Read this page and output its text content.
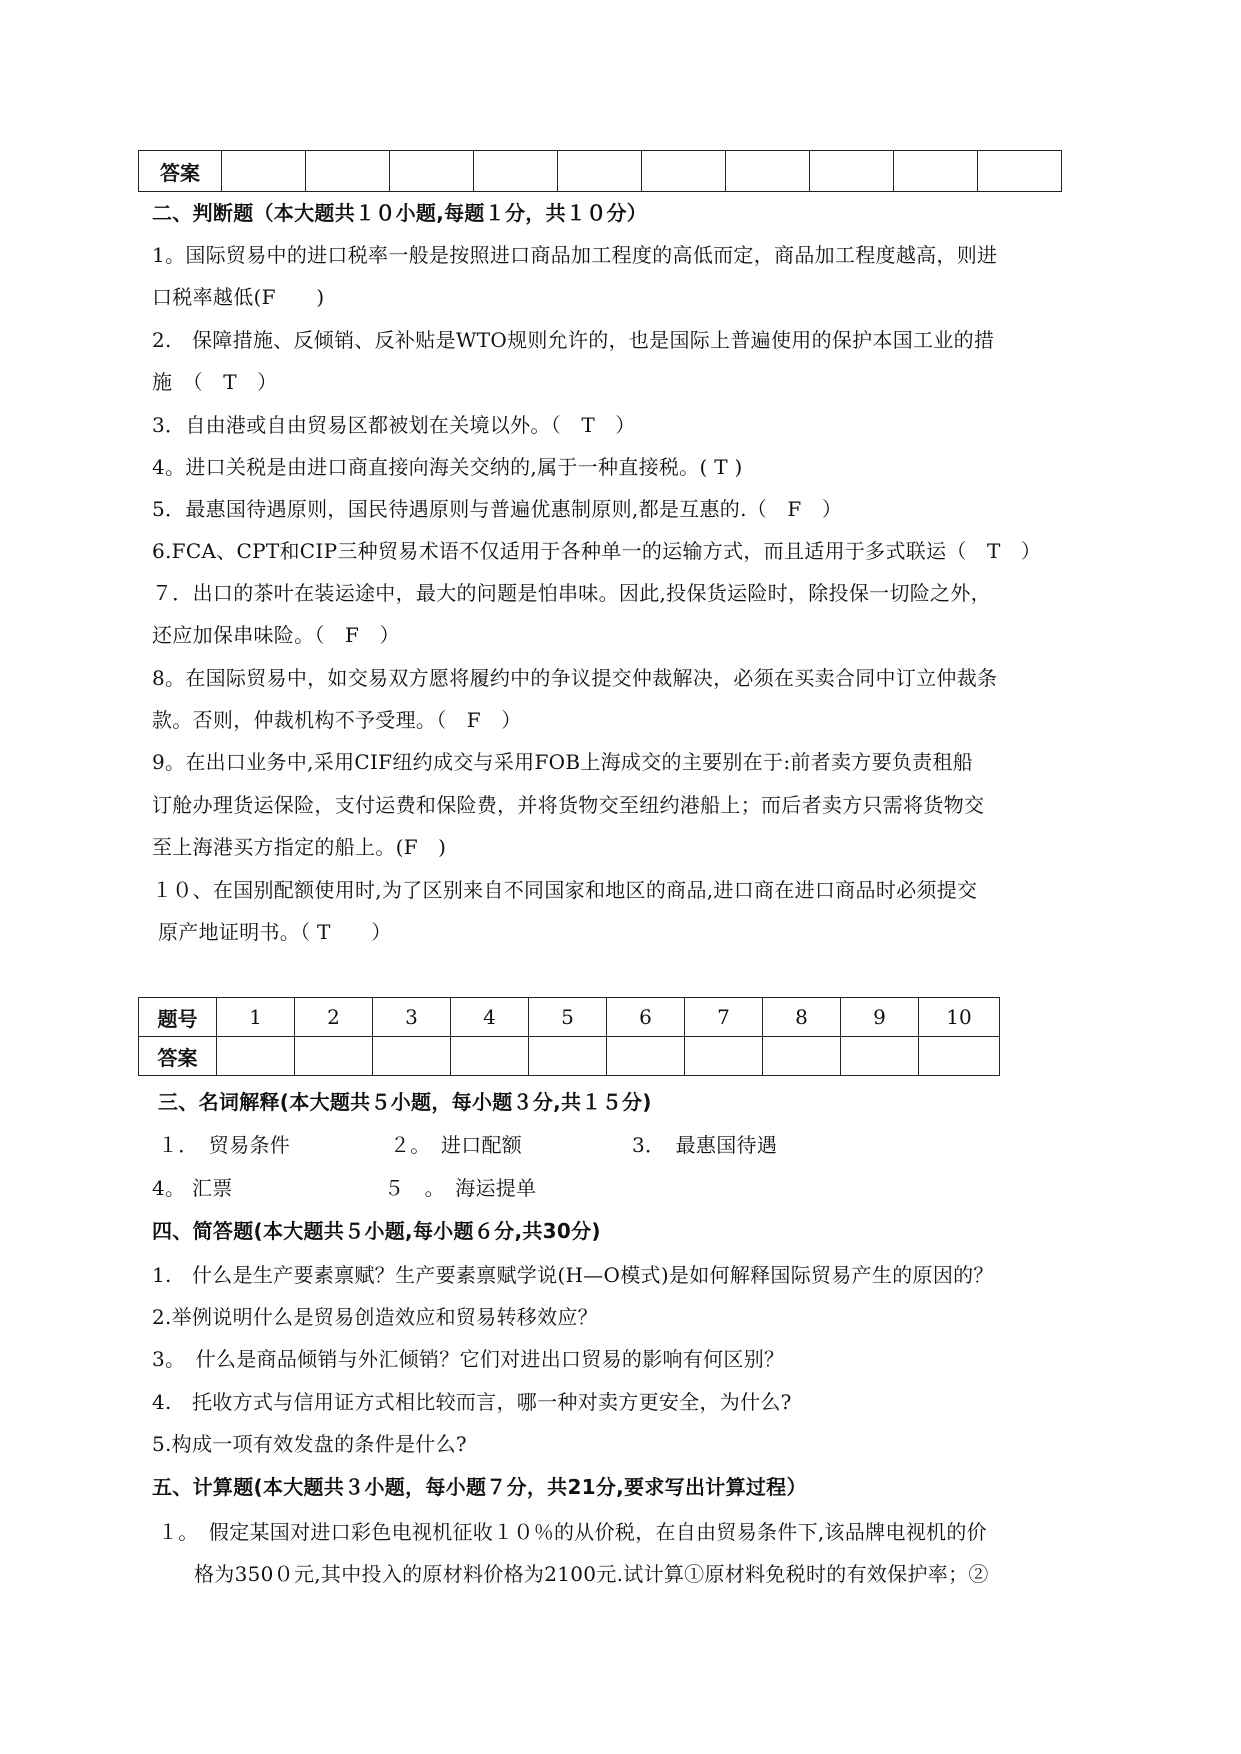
答案										
二、判断题（本大题共１０小题,每题１分，共１０分）
1。国际贸易中的进口税率一般是按照进口商品加工程度的高低而定，商品加工程度越高，则进
口税率越低(F　　)
2.　保障措施、反倾销、反补贴是WTO规则允许的，也是国际上普遍使用的保护本国工业的措
施　（　T　）
3．自由港或自由贸易区都被划在关境以外。（　T　）
4。进口关税是由进口商直接向海关交纳的,属于一种直接税。( T )
5．最惠国待遇原则，国民待遇原则与普遍优惠制原则,都是互惠的.（　F　）
6.FCA、CPT和CIP三种贸易术语不仅适用于各种单一的运输方式，而且适用于多式联运（　T　）
７．出口的茶叶在装运途中，最大的问题是怕串味。因此,投保货运险时，除投保一切险之外，
还应加保串味险。（　F　）
8。在国际贸易中，如交易双方愿将履约中的争议提交仲裁解决，必须在买卖合同中订立仲裁条
款。否则，仲裁机构不予受理。（　F　）
9。在出口业务中,采用CIF纽约成交与采用FOB上海成交的主要别在于:前者卖方要负责租船
订舱办理货运保险，支付运费和保险费，并将货物交至纽约港船上；而后者卖方只需将货物交
至上海港买方指定的船上。(F　)
１０、在国别配额使用时,为了区别来自不同国家和地区的商品,进口商在进口商品时必须提交
原产地证明书。（ T　　）
题号	1	2	3	4	5	6	7	8	9	10
答案										
三、名词解释(本大题共５小题，每小题３分,共１５分)
１．　贸易条件	２。　进口配额	3．　最惠国待遇
4。 汇票	５　。　海运提单
四、简答题(本大题共５小题,每小题６分,共30分)
1.　什么是生产要素禀赋？生产要素禀赋学说(H—O模式)是如何解释国际贸易产生的原因的？
2.举例说明什么是贸易创造效应和贸易转移效应？
3。　什么是商品倾销与外汇倾销？它们对进出口贸易的影响有何区别？
4.　托收方式与信用证方式相比较而言，哪一种对卖方更安全，为什么?
5.构成一项有效发盘的条件是什么?
五、计算题(本大题共３小题，每小题７分，共21分,要求写出计算过程）
１。　假定某国对进口彩色电视机征收１０％的从价税，在自由贸易条件下,该品牌电视机的价
格为350０元,其中投入的原材料价格为2100元.试计算①原材料免税时的有效保护率；②
